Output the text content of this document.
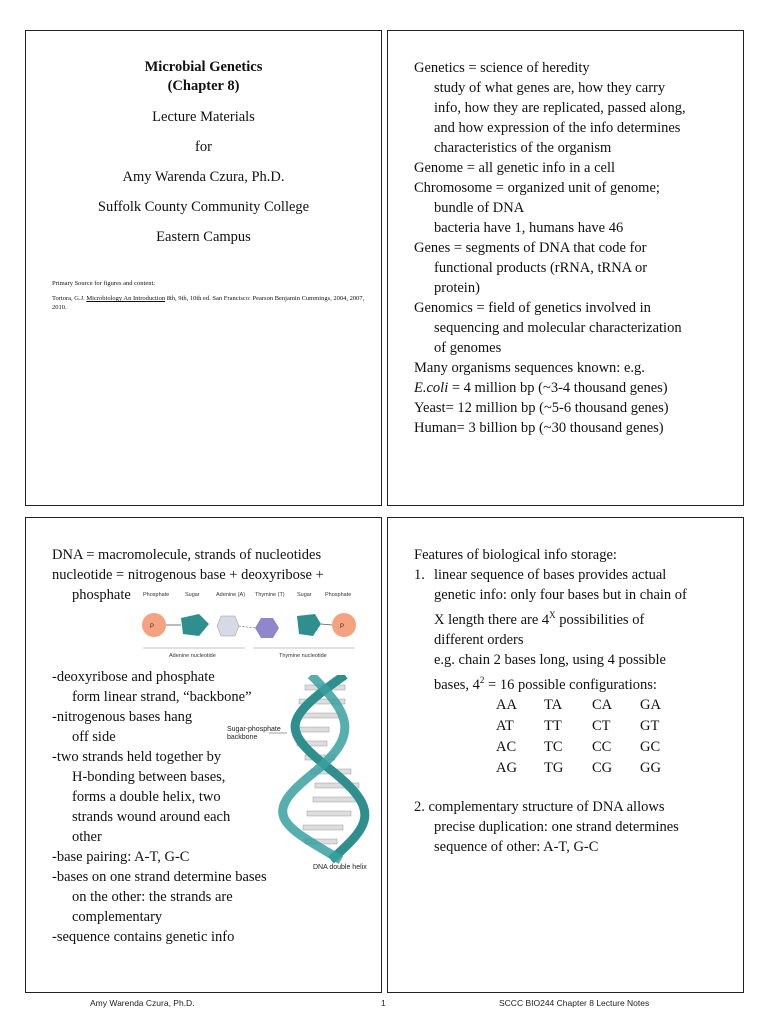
Microbial Genetics
(Chapter 8)
Lecture Materials
for
Amy Warenda Czura, Ph.D.
Suffolk County Community College
Eastern Campus
Primary Source for figures and content:
Tortora, G.J. Microbiology An Introduction 8th, 9th, 10th ed. San Francisco: Pearson Benjamin Cummings, 2004, 2007, 2010.
Genetics = science of heredity
study of what genes are, how they carry
info, how they are replicated, passed along,
and how expression of the info determines
characteristics of the organism
Genome = all genetic info in a cell
Chromosome = organized unit of genome;
bundle of DNA
bacteria have 1, humans have 46
Genes = segments of DNA that code for
functional products (rRNA, tRNA or
protein)
Genomics = field of genetics involved in
sequencing and molecular characterization
of genomes
Many organisms sequences known: e.g.
E.coli = 4 million bp (~3-4 thousand genes)
Yeast= 12 million bp (~5-6 thousand genes)
Human= 3 billion bp (~30 thousand genes)
DNA = macromolecule, strands of nucleotides
nucleotide = nitrogenous base + deoxyribose +
phosphate	Phosphate	Sugar	Adenine (A) Thymine (T) Sugar Phosphate
P	P
Adenine nucleotide	Thymine nucleotide
-deoxyribose and phosphate
form linear strand, “backbone”
-nitrogenous bases hang
off side
-two strands held together by
H-bonding between bases,
forms a double helix, two
strands wound around each
other
-base pairing: A-T, G-C
-bases on one strand determine bases
on the other: the strands are
complementary
-sequence contains genetic info
Sugar-phosphate
backbone
DNA double helix
Features of biological info storage:
1. linear sequence of bases provides actual
genetic info: only four bases but in chain of
X length there are $4^X$ possibilities of
different orders
e.g. chain 2 bases long, using 4 possible
bases, $4^2 = 16$ possible configurations:
AA	TA	CA	GA
AT	TT	CT	GT
AC	TC	CC	GC
AG	TG	CG	GG
2. complementary structure of DNA allows
precise duplication: one strand determines
sequence of other: A-T, G-C
Amy Warenda Czura, Ph.D.	1	SCCC BIO244 Chapter 8 Lecture Notes
